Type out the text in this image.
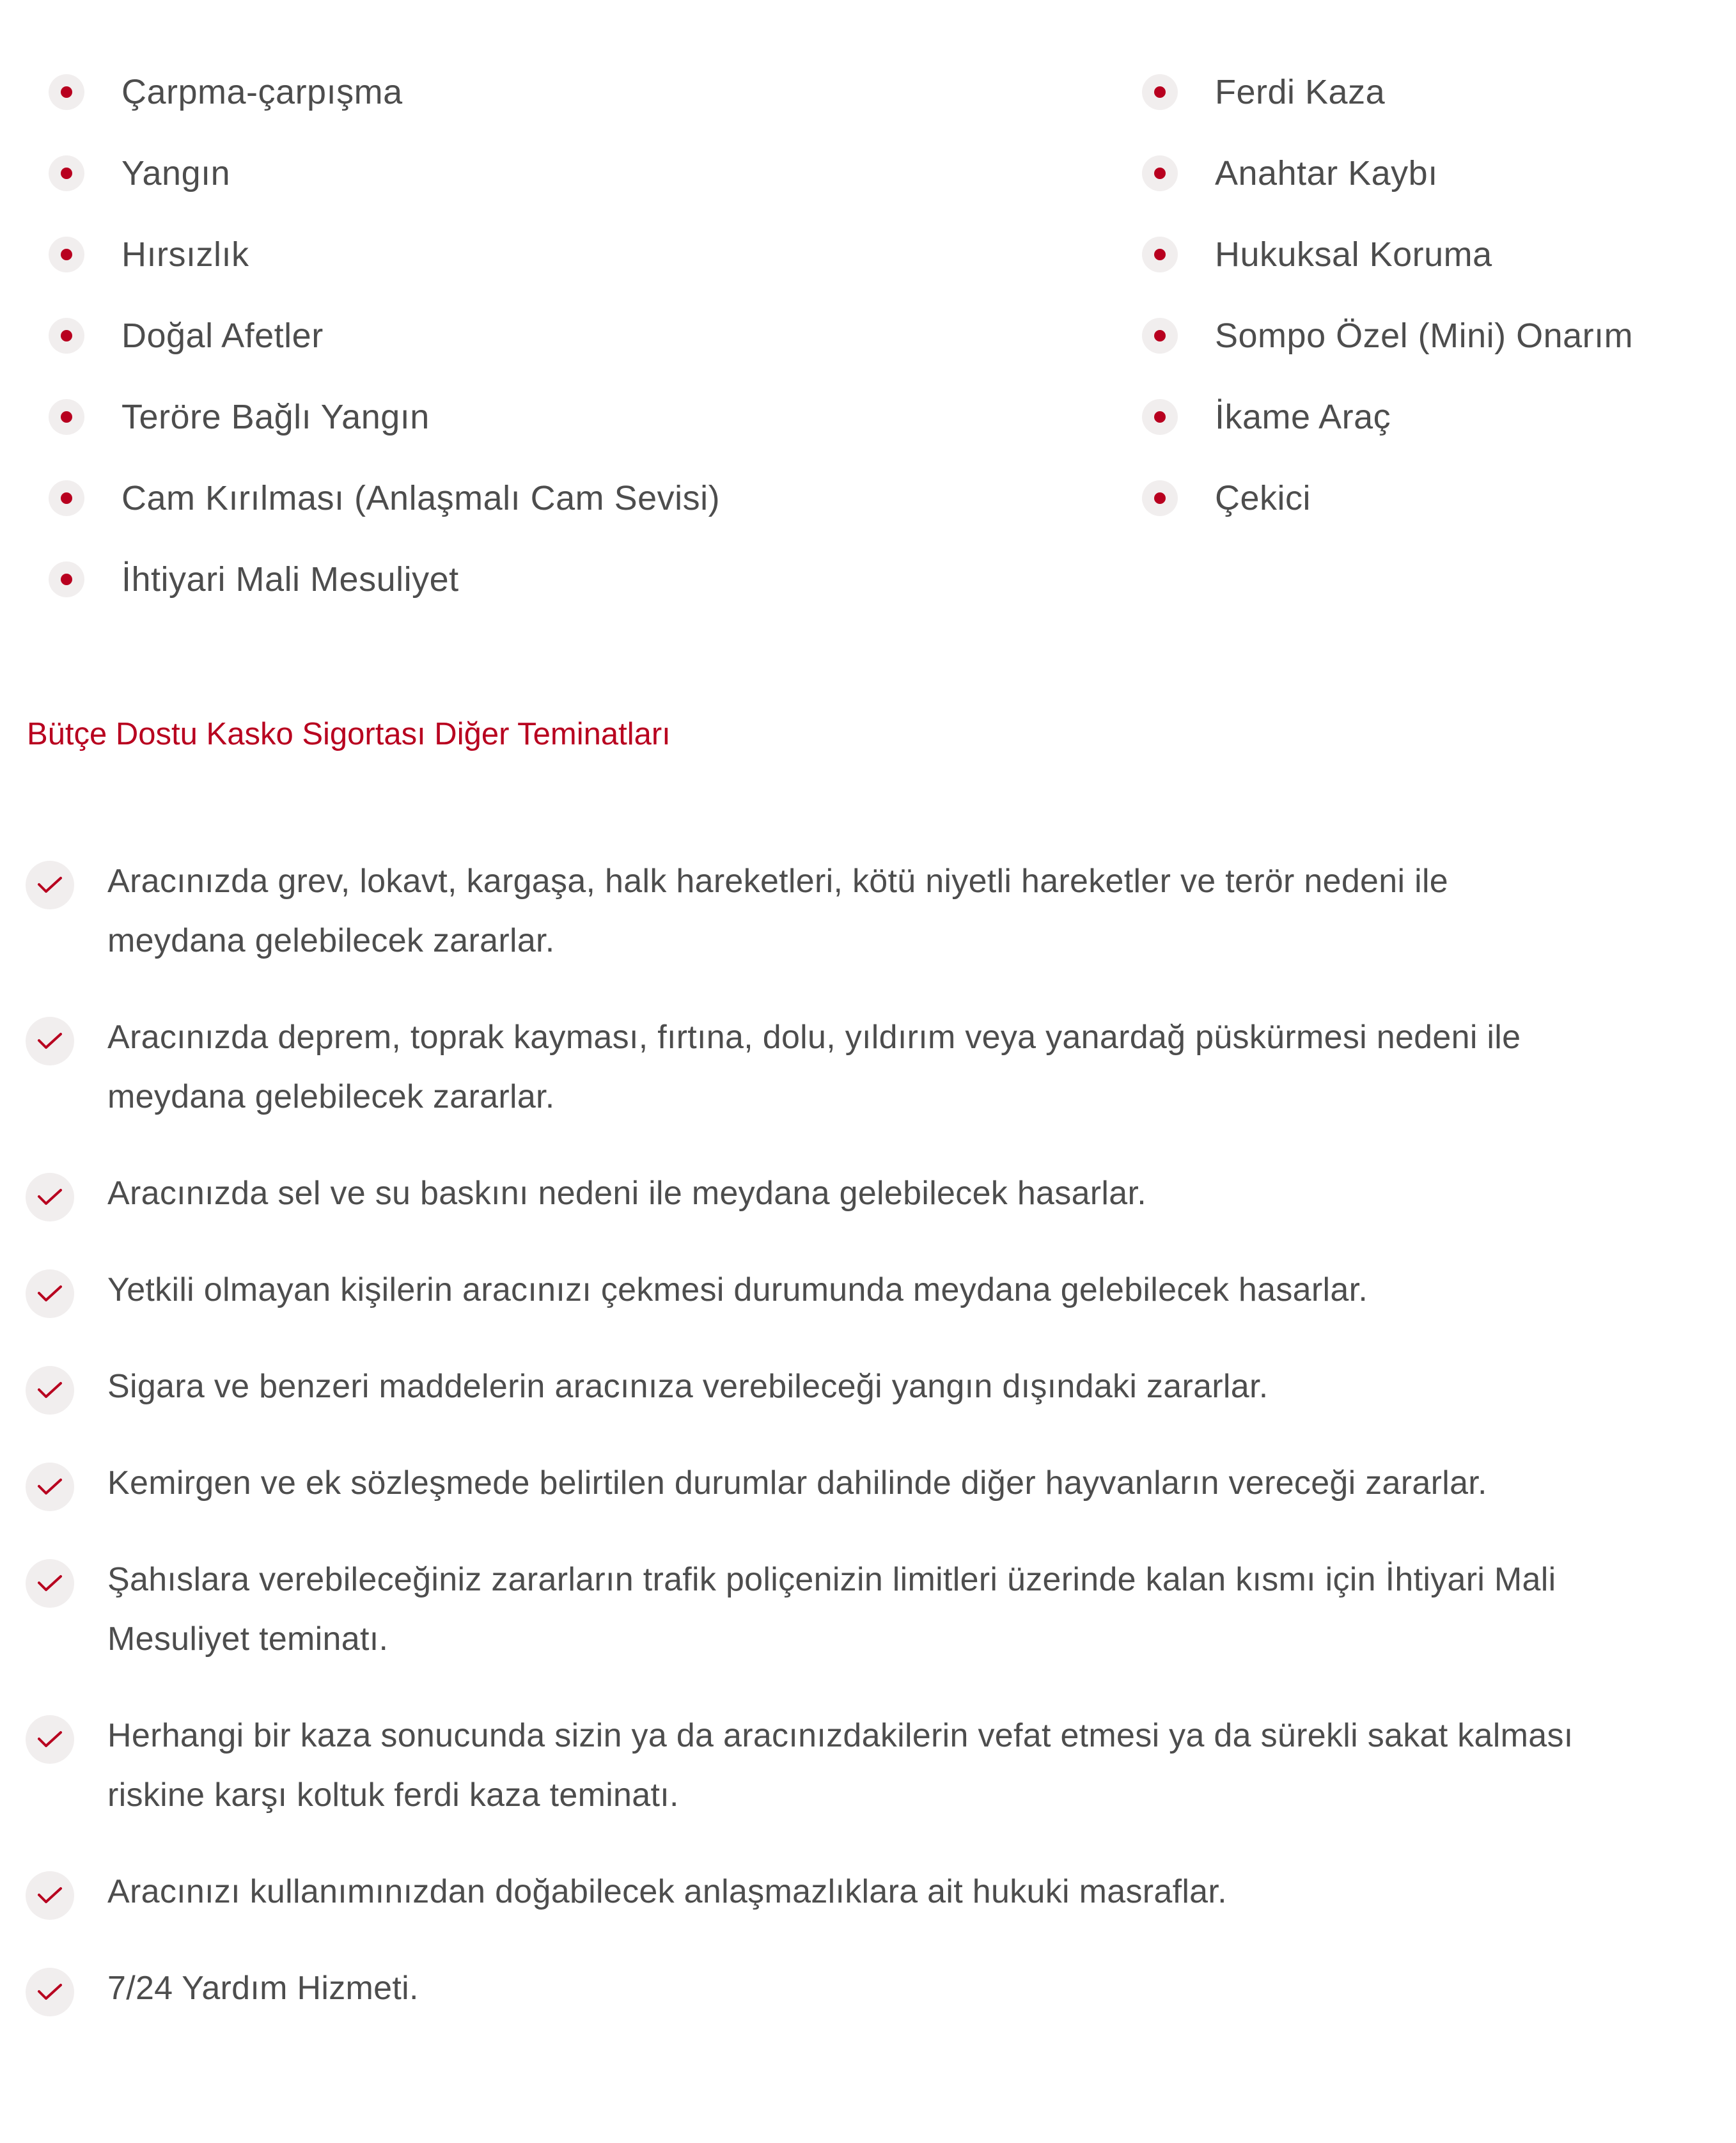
Çarpma-çarpışma
Yangın
Hırsızlık
Doğal Afetler
Teröre Bağlı Yangın
Cam Kırılması (Anlaşmalı Cam Sevisi)
İhtiyari Mali Mesuliyet
Ferdi Kaza
Anahtar Kaybı
Hukuksal Koruma
Sompo Özel (Mini) Onarım
İkame Araç
Çekici
Bütçe Dostu Kasko Sigortası Diğer Teminatları
Aracınızda grev, lokavt, kargaşa, halk hareketleri, kötü niyetli hareketler ve terör nedeni ile
meydana gelebilecek zararlar.
Aracınızda deprem, toprak kayması, fırtına, dolu, yıldırım veya yanardağ püskürmesi nedeni ile
meydana gelebilecek zararlar.
Aracınızda sel ve su baskını nedeni ile meydana gelebilecek hasarlar.
Yetkili olmayan kişilerin aracınızı çekmesi durumunda meydana gelebilecek hasarlar.
Sigara ve benzeri maddelerin aracınıza verebileceği yangın dışındaki zararlar.
Kemirgen ve ek sözleşmede belirtilen durumlar dahilinde diğer hayvanların vereceği zararlar.
Şahıslara verebileceğiniz zararların trafik poliçenizin limitleri üzerinde kalan kısmı için İhtiyari Mali
Mesuliyet teminatı.
Herhangi bir kaza sonucunda sizin ya da aracınızdakilerin vefat etmesi ya da sürekli sakat kalması
riskine karşı koltuk ferdi kaza teminatı.
Aracınızı kullanımınızdan doğabilecek anlaşmazlıklara ait hukuki masraflar.
7/24 Yardım Hizmeti.
